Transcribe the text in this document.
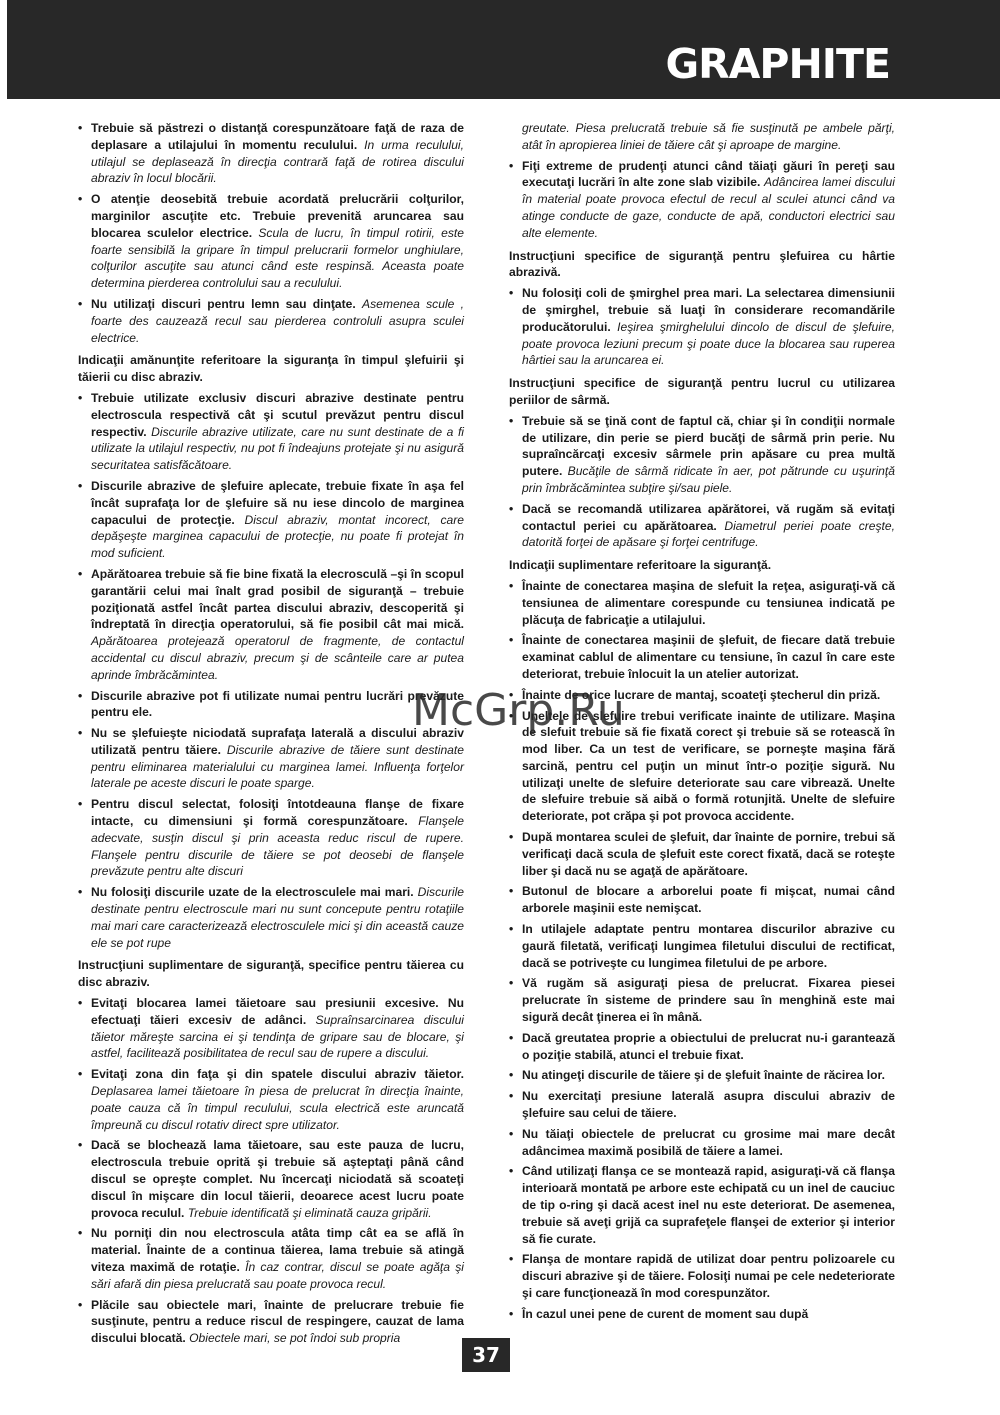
GRAPHITE
• Trebuie să păstrezi o distanţă corespunzătoare faţă de raza de deplasare a utilajului în momentu reculului. In urma reculului, utilajul se deplasează în direcţia contrară faţă de rotirea discului abraziv în locul blocării.
• O atenţie deosebită trebuie acordată prelucrării colţurilor, marginilor ascuţite etc. Trebuie prevenită aruncarea sau blocarea sculelor electrice. Scula de lucru, în timpul rotirii, este foarte sensibilă la gripare în timpul prelucrarii formelor unghiulare, colţurilor ascuţite sau atunci când este respinsă. Aceasta poate determina pierderea controlului sau a reculului.
• Nu utilizaţi discuri pentru lemn sau dinţate. Asemenea scule , foarte des cauzează recul sau pierderea controluli asupra sculei electrice.
Indicaţii amănunţite referitoare la siguranţa în timpul şlefuirii şi tăierii cu disc abraziv.
• Trebuie utilizate exclusiv discuri abrazive destinate pentru electroscula respectivă cât şi scutul prevăzut pentru discul respectiv. Discurile abrazive utilizate, care nu sunt destinate de a fi utilizate la utilajul respectiv, nu pot fi îndeajuns protejate şi nu asigură securitatea satisfăcătoare.
• Discurile abrazive de şlefuire aplecate, trebuie fixate în aşa fel încât suprafaţa lor de şlefuire să nu iese dincolo de marginea capacului de protecţie. Discul abraziv, montat incorect, care depăşeşte marginea capacului de protecţie, nu poate fi protejat în mod suficient.
• Apărătoarea trebuie să fie bine fixată la elecrosculă –şi în scopul garantării celui mai înalt grad posibil de siguranţă – trebuie poziţionată astfel încât partea discului abraziv, descoperită şi îndreptată în direcţia operatorului, să fie posibil cât mai mică. Apărătoarea protejează operatorul de fragmente, de contactul accidental cu discul abraziv, precum şi de scânteile care ar putea aprinde îmbrăcămintea.
• Discurile abrazive pot fi utilizate numai pentru lucrări prevăzute pentru ele.
• Nu se şlefuieşte niciodată suprafaţa laterală a discului abraziv utilizată pentru tăiere. Discurile abrazive de tăiere sunt destinate pentru eliminarea materialului cu marginea lamei. Influenţa forţelor laterale pe aceste discuri le poate sparge.
• Pentru discul selectat, folosiţi întotdeauna flanşe de fixare intacte, cu dimensiuni şi formă corespunzătoare. Flanşele adecvate, susţin discul şi prin aceasta reduc riscul de rupere. Flanşele pentru discurile de tăiere se pot deosebi de flanşele prevăzute pentru alte discuri
• Nu folosiţi discurile uzate de la electrosculele mai mari. Discurile destinate pentru electroscule mari nu sunt concepute pentru rotaţiile mai mari care caracterizează electrosculele mici şi din această cauze ele se pot rupe
Instrucţiuni suplimentare de siguranţă, specifice pentru tăierea cu disc abraziv.
• Evitaţi blocarea lamei tăietoare sau presiunii excesive. Nu efectuaţi tăieri excesiv de adânci. Supraînsarcinarea discului tăietor măreşte sarcina ei şi tendinţa de gripare sau de blocare, şi astfel, facilitează posibilitatea de recul sau de rupere a discului.
• Evitaţi zona din faţa şi din spatele discului abraziv tăietor. Deplasarea lamei tăietoare în piesa de prelucrat în direcţia înainte, poate cauza că în timpul reculului, scula electrică este aruncată împreună cu discul rotativ direct spre utilizator.
• Dacă se blochează lama tăietoare, sau este pauza de lucru, electroscula trebuie oprită şi trebuie să aşteptaţi până când discul se opreşte complet. Nu încercaţi niciodată să scoateţi discul în mişcare din locul tăierii, deoarece acest lucru poate provoca reculul. Trebuie identificată şi eliminată cauza gripării.
• Nu porniţi din nou electroscula atâta timp cât ea se află în material. Înainte de a continua tăierea, lama trebuie să atingă viteza maximă de rotaţie. În caz contrar, discul se poate agăţa şi sări afară din piesa prelucrată sau poate provoca recul.
• Plăcile sau obiectele mari, înainte de prelucrare trebuie fie susţinute, pentru a reduce riscul de respingere, cauzat de lama discului blocată. Obiectele mari, se pot îndoi sub propria
greutate. Piesa prelucrată trebuie să fie susţinută pe ambele părţi, atât în apropierea liniei de tăiere cât şi aproape de margine.
• Fiţi extreme de prudenţi atunci când tăiaţi găuri în pereţi sau executaţi lucrări în alte zone slab vizibile. Adâncirea lamei discului în material poate provoca efectul de recul al sculei atunci când va atinge conducte de gaze, conducte de apă, conductori electrici sau alte elemente.
Instrucţiuni specifice de siguranţă pentru şlefuirea cu hârtie abrazivă.
• Nu folosiţi coli de şmirghel prea mari. La selectarea dimensiunii de şmirghel, trebuie să luaţi în considerare recomandările producătorului. Ieşirea şmirghelului dincolo de discul de şlefuire, poate provoca leziuni precum şi poate duce la blocarea sau ruperea hârtiei sau la aruncarea ei.
Instrucţiuni specifice de siguranţă pentru lucrul cu utilizarea periilor de sârmă.
• Trebuie să se ţină cont de faptul că, chiar şi în condiţii normale de utilizare, din perie se pierd bucăţi de sârmă prin perie. Nu supraîncărcaţi excesiv sârmele prin apăsare cu prea multă putere. Bucăţile de sârmă ridicate în aer, pot pătrunde cu uşurinţă prin îmbrăcămintea subţire şi/sau piele.
• Dacă se recomandă utilizarea apărătorei, vă rugăm să evitaţi contactul periei cu apărătoarea. Diametrul periei poate creşte, datorită forţei de apăsare şi forţei centrifuge.
Indicaţii suplimentare referitoare la siguranţă.
• Înainte de conectarea maşina de slefuit la reţea, asiguraţi-vă că tensiunea de alimentare corespunde cu tensiunea indicată pe plăcuţa de fabricaţie a utilajului.
• Înainte de conectarea maşinii de şlefuit, de fiecare dată trebuie examinat cablul de alimentare cu tensiune, în cazul în care este deteriorat, trebuie înlocuit la un atelier autorizat.
• Înainte de orice lucrare de mantaj, scoateţi ştecherul din priză.
• Uneltele de slefuire trebui verificate inainte de utilizare. Maşina de slefuit trebuie să fie fixată corect şi trebuie să se rotească în mod liber. Ca un test de verificare, se porneşte maşina fără sarcină, pentru cel puţin un minut într-o poziţie sigură. Nu utilizaţi unelte de slefuire deteriorate sau care vibrează. Unelte de slefuire trebuie să aibă o formă rotunjită. Unelte de slefuire deteriorate, pot crăpa şi pot provoca accidente.
• După montarea sculei de şlefuit, dar înainte de pornire, trebui să verificaţi dacă scula de şlefuit este corect fixată, dacă se roteşte liber şi dacă nu se agaţă de apărătoare.
• Butonul de blocare a arborelui poate fi mişcat, numai când arborele maşinii este nemişcat.
• In utilajele adaptate pentru montarea discurilor abrazive cu gaură filetată, verificaţi lungimea filetului discului de rectificat, dacă se potriveşte cu lungimea filetului de pe arbore.
• Vă rugăm să asiguraţi piesa de prelucrat. Fixarea piesei prelucrate în sisteme de prindere sau în menghină este mai sigură decât ţinerea ei în mână.
• Dacă greutatea proprie a obiectului de prelucrat nu-i garantează o poziţie stabilă, atunci el trebuie fixat.
• Nu atingeţi discurile de tăiere şi de şlefuit înainte de răcirea lor.
• Nu exercitaţi presiune laterală asupra discului abraziv de şlefuire sau celui de tăiere.
• Nu tăiaţi obiectele de prelucrat cu grosime mai mare decât adâncimea maximă posibilă de tăiere a lamei.
• Când utilizaţi flanşa ce se montează rapid, asiguraţi-vă că flanşa interioară montată pe arbore este echipată cu un inel de cauciuc de tip o-ring şi dacă acest inel nu este deteriorat. De asemenea, trebuie să aveţi grijă ca suprafeţele flanşei de exterior şi interior să fie curate.
• Flanşa de montare rapidă de utilizat doar pentru polizoarele cu discuri abrazive şi de tăiere. Folosiţi numai pe cele nedeteriorate şi care funcţionează în mod corespunzător.
• În cazul unei pene de curent de moment sau după
McGrp.Ru
37
